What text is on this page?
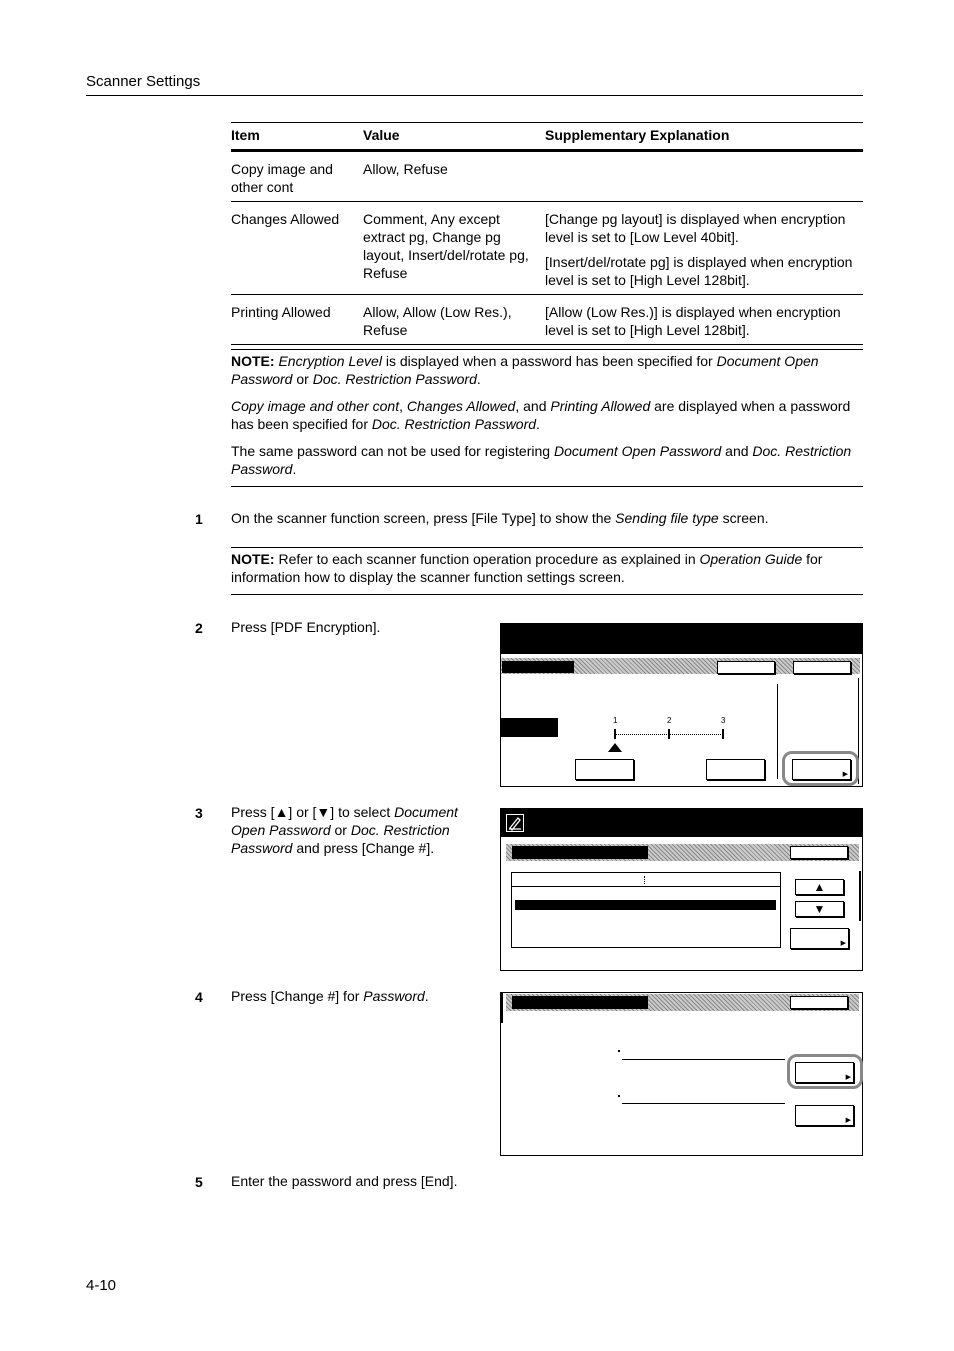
Scanner Settings
Item	Value	Supplementary Explanation
Copy image and other cont	Allow, Refuse	
Changes Allowed	Comment, Any except extract pg, Change pg layout, Insert/del/rotate pg, Refuse	[Change pg layout] is displayed when encryption level is set to [Low Level 40bit].

[Insert/del/rotate pg] is displayed when encryption level is set to [High Level 128bit].

Printing Allowed	Allow, Allow (Low Res.), Refuse	[Allow (Low Res.)] is displayed when encryption level is set to [High Level 128bit].

NOTE: Encryption Level is displayed when a password has been specified for Document Open Password or Doc. Restriction Password.

Copy image and other cont, Changes Allowed, and Printing Allowed are displayed when a password has been specified for Doc. Restriction Password.

The same password can not be used for registering Document Open Password and Doc. Restriction Password.

1 On the scanner function screen, press [File Type] to show the Sending file type screen.

NOTE: Refer to each scanner function operation procedure as explained in Operation Guide for information how to display the scanner function settings screen.

2 Press [PDF Encryption].
1	2	3
▶
3 Press [▲] or [▼] to select Document Open Password or Doc. Restriction Password and press [Change #].
▲
▼
▶
4 Press [Change #] for Password.
▶
▶
5 Enter the password and press [End].
4-10
